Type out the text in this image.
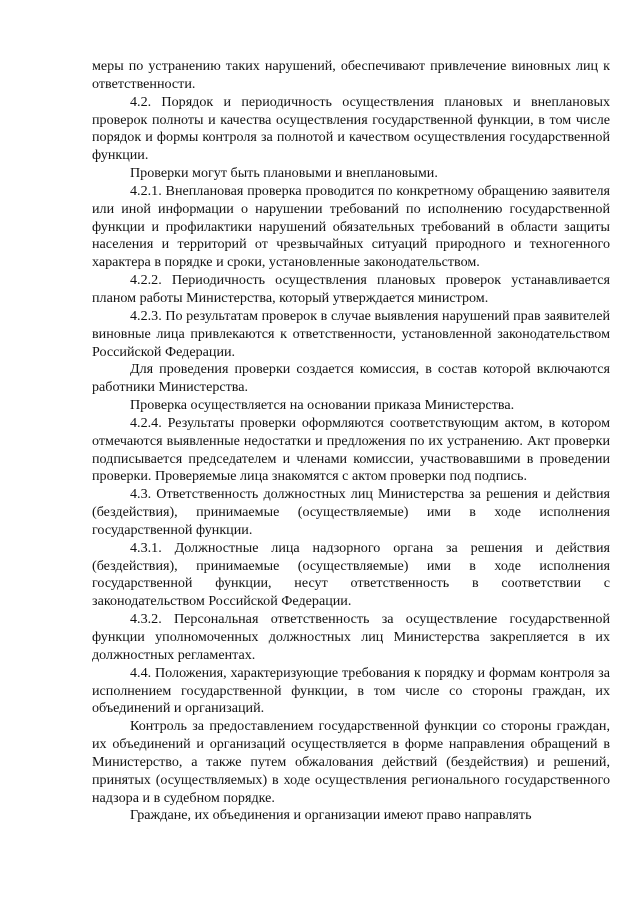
меры по устранению таких нарушений, обеспечивают привлечение виновных лиц к ответственности.

4.2. Порядок и периодичность осуществления плановых и внеплановых проверок полноты и качества осуществления государственной функции, в том числе порядок и формы контроля за полнотой и качеством осуществления государственной функции.

Проверки могут быть плановыми и внеплановыми.

4.2.1. Внеплановая проверка проводится по конкретному обращению заявителя или иной информации о нарушении требований по исполнению государственной функции и профилактики нарушений обязательных требований в области защиты населения и территорий от чрезвычайных ситуаций природного и техногенного характера в порядке и сроки, установленные законодательством.

4.2.2. Периодичность осуществления плановых проверок устанавливается планом работы Министерства, который утверждается министром.

4.2.3. По результатам проверок в случае выявления нарушений прав заявителей виновные лица привлекаются к ответственности, установленной законодательством Российской Федерации.

Для проведения проверки создается комиссия, в состав которой включаются работники Министерства.

Проверка осуществляется на основании приказа Министерства.

4.2.4. Результаты проверки оформляются соответствующим актом, в котором отмечаются выявленные недостатки и предложения по их устранению. Акт проверки подписывается председателем и членами комиссии, участвовавшими в проведении проверки. Проверяемые лица знакомятся с актом проверки под подпись.

4.3. Ответственность должностных лиц Министерства за решения и действия (бездействия), принимаемые (осуществляемые) ими в ходе исполнения государственной функции.

4.3.1. Должностные лица надзорного органа за решения и действия (бездействия), принимаемые (осуществляемые) ими в ходе исполнения государственной функции, несут ответственность в соответствии с законодательством Российской Федерации.

4.3.2. Персональная ответственность за осуществление государственной функции уполномоченных должностных лиц Министерства закрепляется в их должностных регламентах.

4.4. Положения, характеризующие требования к порядку и формам контроля за исполнением государственной функции, в том числе со стороны граждан, их объединений и организаций.

Контроль за предоставлением государственной функции со стороны граждан, их объединений и организаций осуществляется в форме направления обращений в Министерство, а также путем обжалования действий (бездействия) и решений, принятых (осуществляемых) в ходе осуществления регионального государственного надзора и в судебном порядке.

Граждане, их объединения и организации имеют право направлять
